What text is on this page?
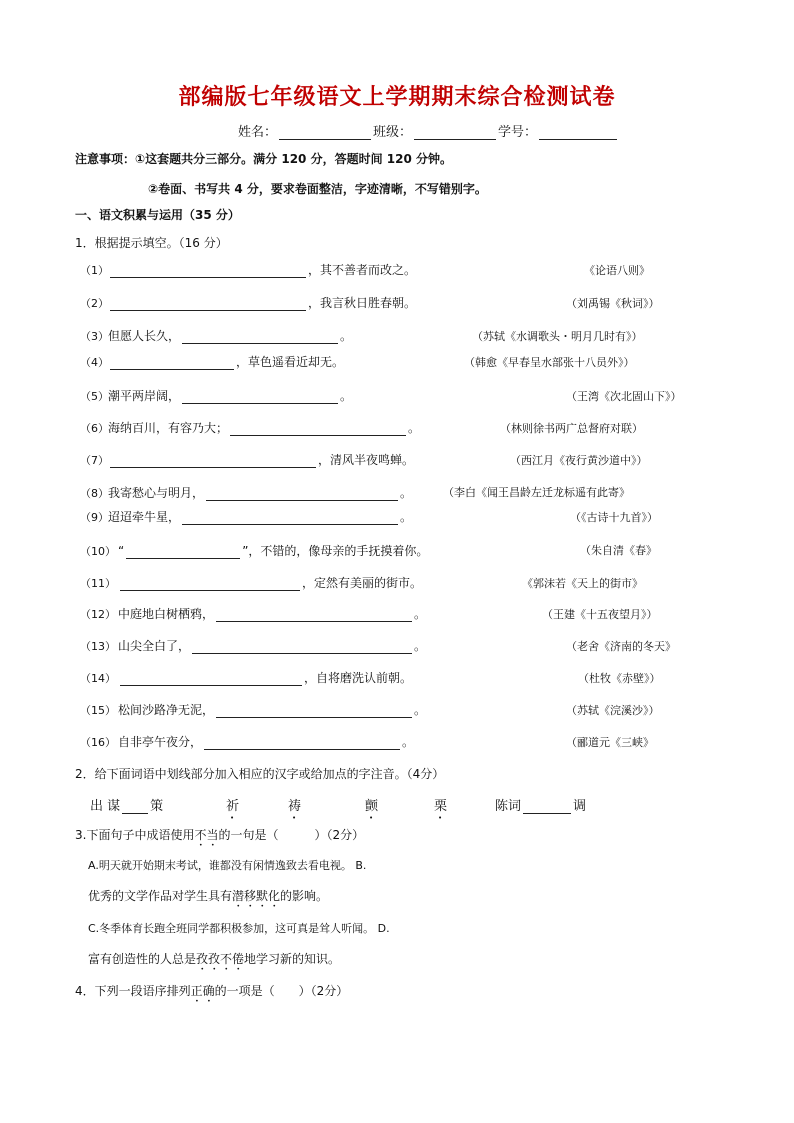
部编版七年级语文上学期期末综合检测试卷
姓名：	班级：	学号：
注意事项：①这套题共分三部分。满分 120 分，答题时间 120 分钟。
②卷面、书写共 4 分，要求卷面整洁，字迹清晰，不写错别字。
一、语文积累与运用（35 分）
1．根据提示填空。（16 分）
（1）	，其不善者而改之。	《论语八则》
（2）	，我言秋日胜春朝。	（刘禹锡《秋词》）
（3）但愿人长久，	。	（苏轼《水调歌头・明月几时有》）
（4）	，草色遥看近却无。	（韩愈《早春呈水部张十八员外》）
（5）潮平两岸阔，	。	（王湾《次北固山下》）
（6）海纳百川，有容乃大；	。	（林则徐书两广总督府对联）
（7）	，清风半夜鸣蝉。	（西江月《夜行黄沙道中》）
（8）我寄愁心与明月，	。	（李白《闻王昌龄左迁龙标遥有此寄》
（9）迢迢牵牛星，	。	（《古诗十九首》）
（10） “	”，不错的，像母亲的手抚摸着你。	（朱自清《春》
（11）	，定然有美丽的街市。	《郭沫若《天上的街市》
（12） 中庭地白树栖鸦，	。	（王建《十五夜望月》）
（13） 山尖全白了，	。	（老舍《济南的冬天》
（14）	，自将磨洗认前朝。	（杜牧《赤壁》）
（15） 松间沙路净无泥，	。	（苏轼《浣溪沙》）
（16） 自非亭午夜分，	。	（郦道元《三峡》
2．给下面词语中划线部分加入相应的汉字或给加点的字注音。（4分）
出 谋 策	祈	祷	颤	栗	陈词	调
3.下面句子中成语使用不当的一句是（　　　）（2分）
A.明天就开始期末考试，谁都没有闲情逸致去看电视。 B.
优秀的文学作品对学生具有潜移默化的影响。
C.冬季体育长跑全班同学都积极参加，这可真是耸人听闻。 D.
富有创造性的人总是孜孜不倦地学习新的知识。
4．下列一段语序排列正确的一项是（　　）（2分）
